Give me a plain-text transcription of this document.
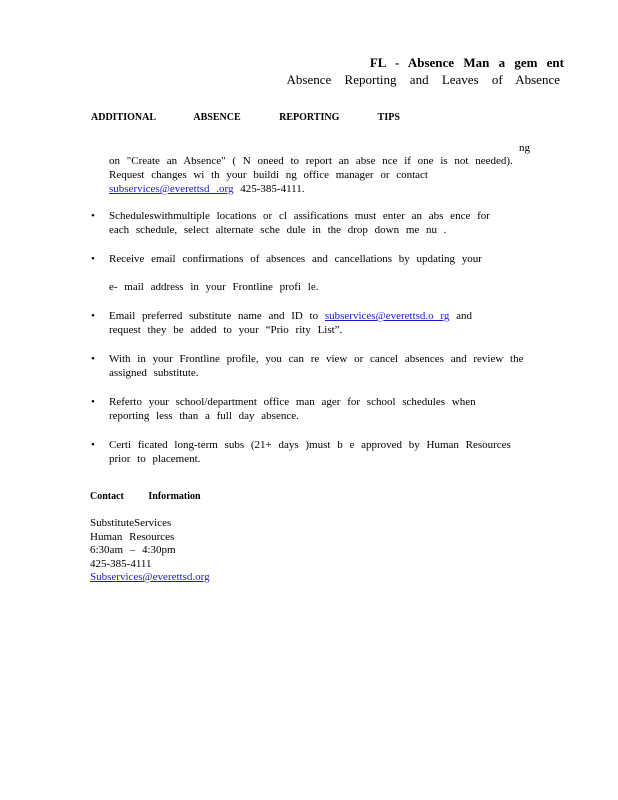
FL - Absence Man a gem ent
Absence Reporting and Leaves of Absence
ADDITIONAL ABSENCE REPORTING TIPS
ng
on "Create an Absence" ( N oneed to report an abse nce if one is not needed).
Request changes wi th your buildi ng office manager or contact
subservices@everettsd .org 425-385-4111.
• Scheduleswithmultiple locations or cl assifications must enter an abs ence for
each schedule, select alternate sche dule in the drop down me nu .
• Receive email confirmations of absences and cancellations by updating your
e- mail address in your Frontline profi le.
• Email preferred substitute name and ID to subservices@everettsd.o rg and
request they be added to your “Prio rity List”.
• With in your Frontline profile, you can re view or cancel absences and review the
assigned substitute.
• Referto your school/department office man ager for school schedules when
reporting less than a full day absence.
• Certi ficated long-term subs (21+ days )must b e approved by Human Resources
prior to placement.
Contact Information
SubstituteServices
Human Resources
6:30am – 4:30pm
425-385-4111
Subservices@everettsd.org
